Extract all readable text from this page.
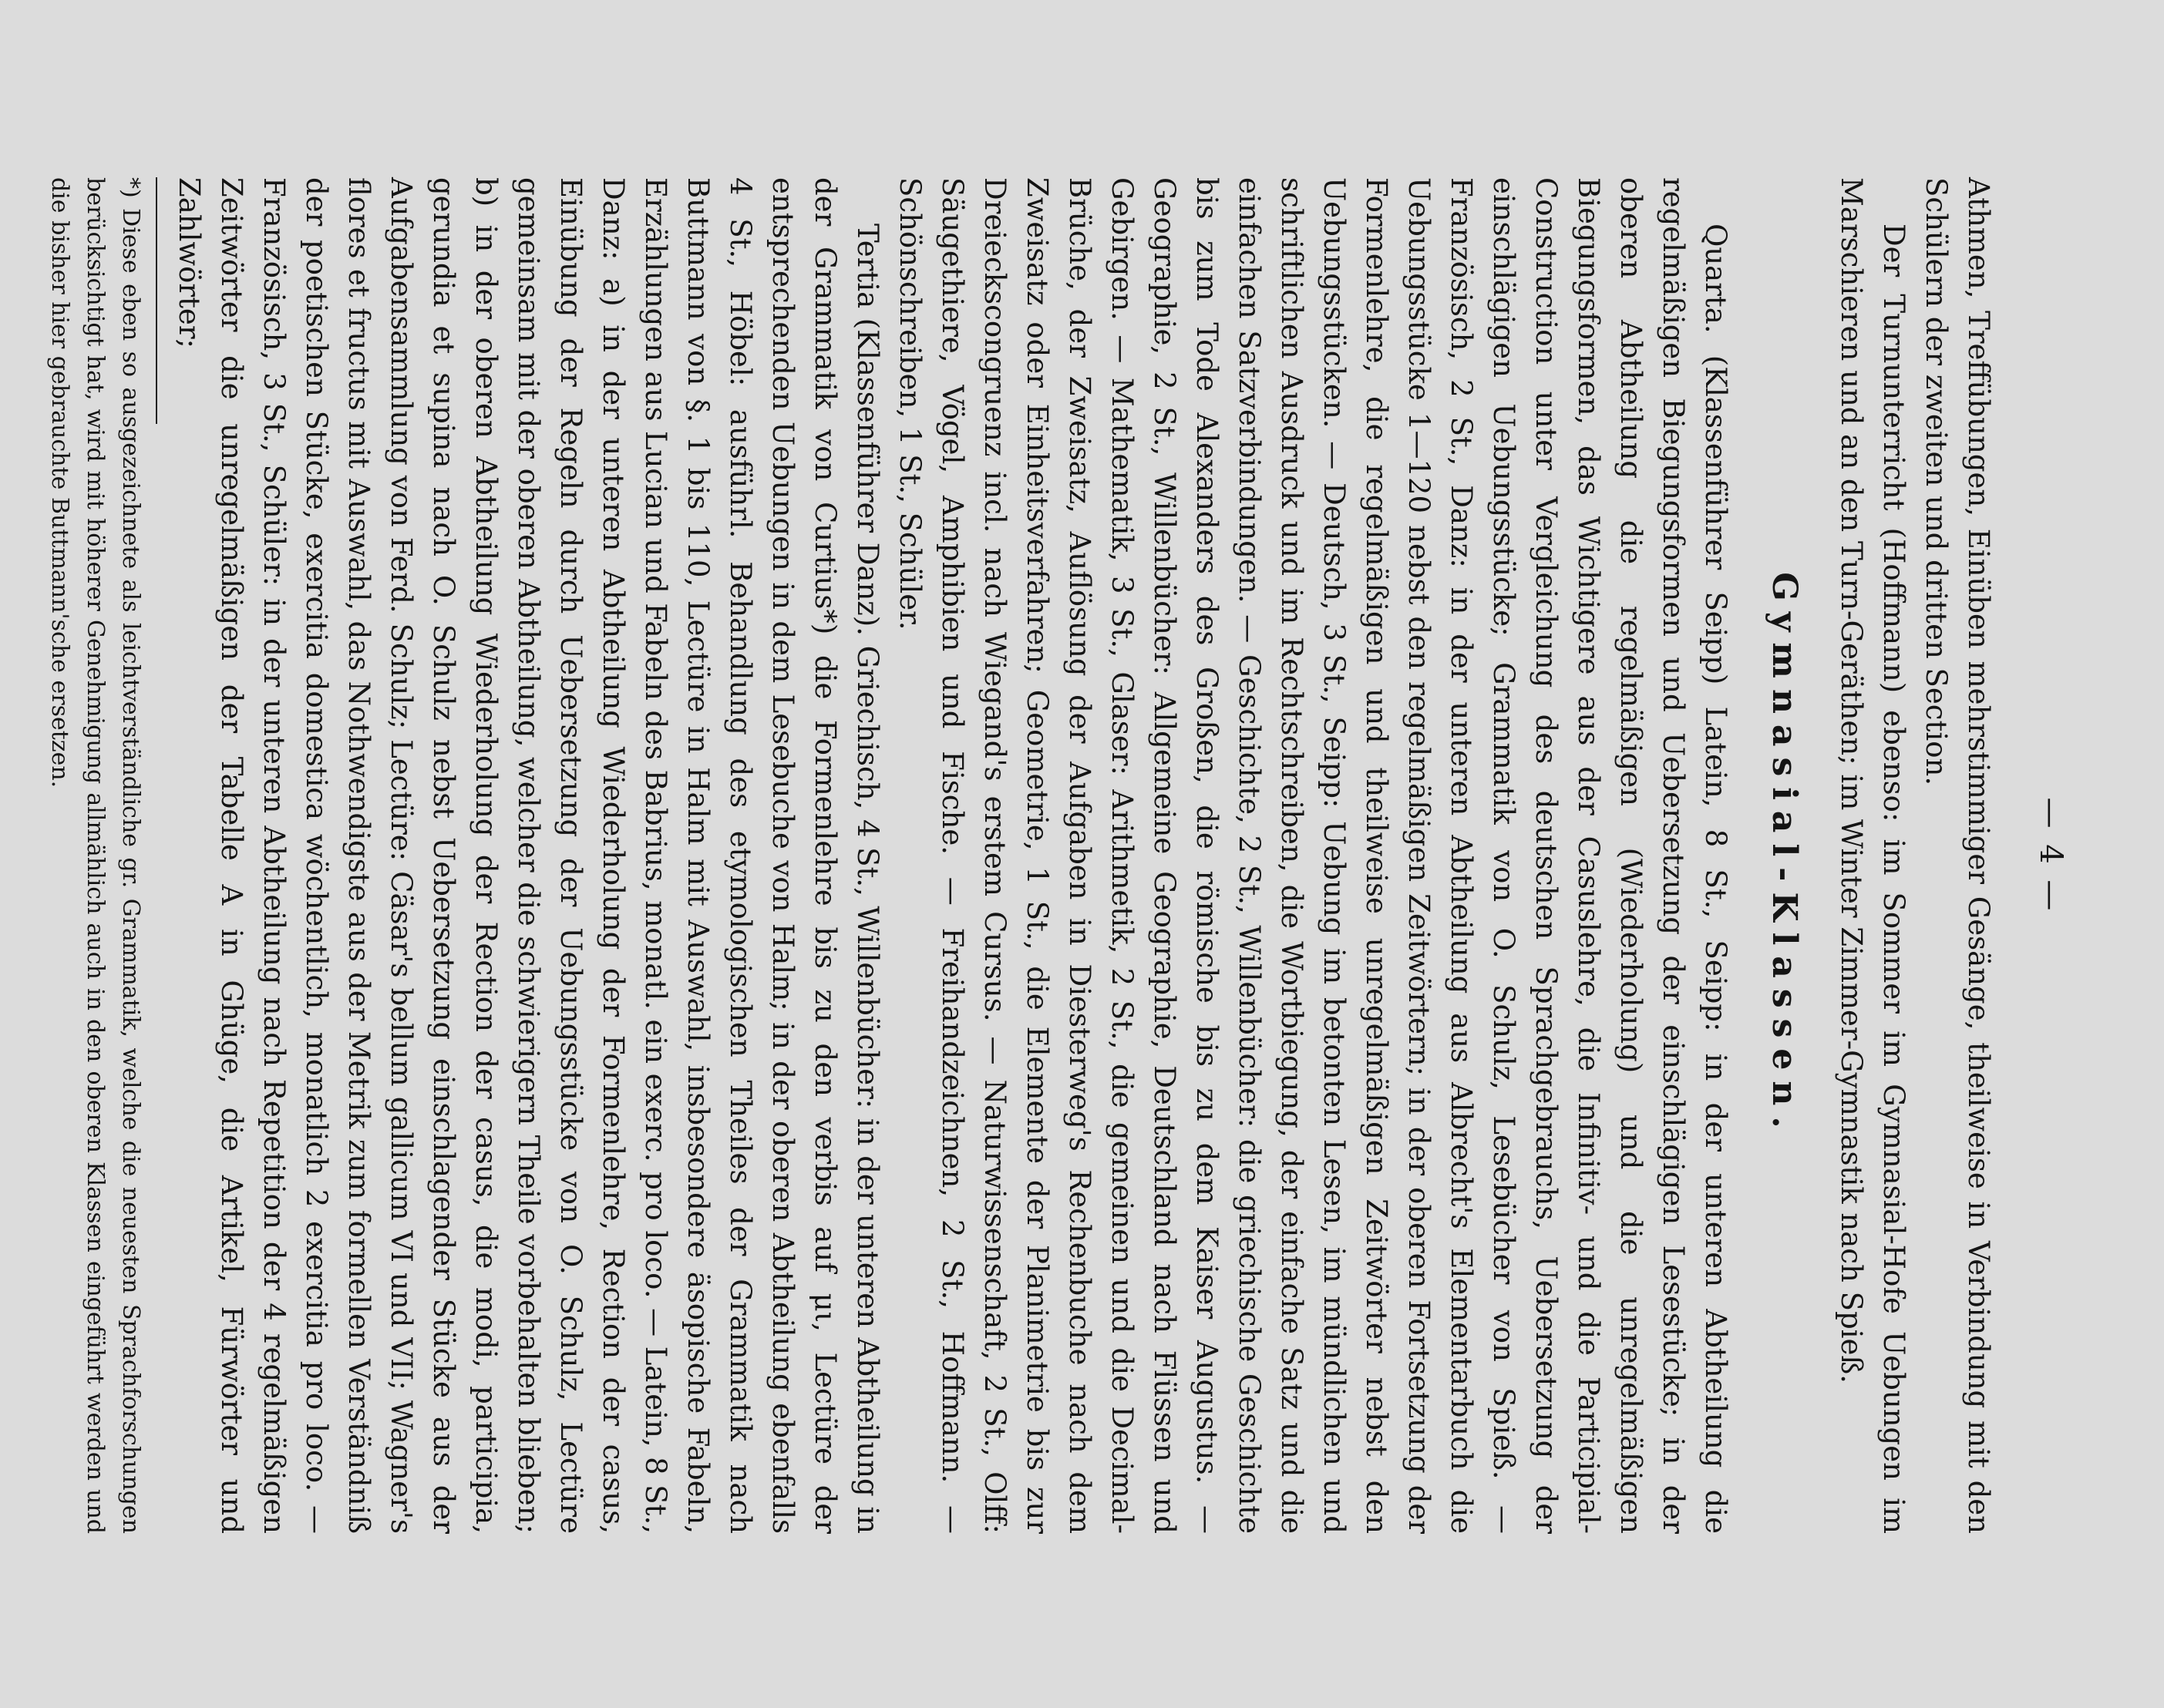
— 4 —

Athmen, Treffübungen, Einüben mehrstimmiger Gesänge, theilweise in Verbindung mit den Schülern der zweiten und dritten Section.

Der Turnunterricht (Hoffmann) ebenso: im Sommer im Gymnasial-Hofe Uebungen im Marschieren und an den Turn-Geräthen; im Winter Zimmer-Gymnastik nach Spieß.

Gymnasial-Klassen.

Quarta. (Klassenführer Seipp) Latein, 8 St., Seipp: in der unteren Abtheilung die regelmäßigen Biegungsformen und Uebersetzung der einschlägigen Lesestücke; in der oberen Abtheilung die regelmäßigen (Wiederholung) und die unregelmäßigen Biegungsformen, das Wichtigere aus der Casuslehre, die Infinitiv- und die Participial-Construction unter Vergleichung des deutschen Sprachgebrauchs, Uebersetzung der einschlägigen Uebungsstücke; Grammatik von O. Schulz, Lesebücher von Spieß. — Französisch, 2 St., Danz: in der unteren Abtheilung aus Albrecht's Elementarbuch die Uebungsstücke 1—120 nebst den regelmäßigen Zeitwörtern; in der oberen Fortsetzung der Formenlehre, die regelmäßigen und theilweise unregelmäßigen Zeitwörter nebst den Uebungsstücken. — Deutsch, 3 St., Seipp: Uebung im betonten Lesen, im mündlichen und schriftlichen Ausdruck und im Rechtschreiben, die Wortbiegung, der einfache Satz und die einfachen Satzverbindungen. — Geschichte, 2 St., Willenbücher: die griechische Geschichte bis zum Tode Alexanders des Großen, die römische bis zu dem Kaiser Augustus. — Geographie, 2 St., Willenbücher: Allgemeine Geographie, Deutschland nach Flüssen und Gebirgen. — Mathematik, 3 St., Glaser: Arithmetik, 2 St., die gemeinen und die Decimal-Brüche, der Zweisatz, Auflösung der Aufgaben in Diesterweg's Rechenbuche nach dem Zweisatz oder Einheitsverfahren; Geometrie, 1 St., die Elemente der Planimetrie bis zur Dreieckscongruenz incl. nach Wiegand's erstem Cursus. — Naturwissenschaft, 2 St., Olff: Säugethiere, Vögel, Amphibien und Fische. — Freihandzeichnen, 2 St., Hoffmann. — Schönschreiben, 1 St., Schüler.

Tertia (Klassenführer Danz). Griechisch, 4 St., Willenbücher: in der unteren Abtheilung in der Grammatik von Curtius*) die Formenlehre bis zu den verbis auf μι, Lectüre der entsprechenden Uebungen in dem Lesebuche von Halm; in der oberen Abtheilung ebenfalls 4 St., Höbel: ausführl. Behandlung des etymologischen Theiles der Grammatik nach Buttmann von §. 1 bis 110, Lectüre in Halm mit Auswahl, insbesondere äsopische Fabeln, Erzählungen aus Lucian und Fabeln des Babrius, monatl. ein exerc. pro loco. — Latein, 8 St., Danz: a) in der unteren Abtheilung Wiederholung der Formenlehre, Rection der casus, Einübung der Regeln durch Uebersetzung der Uebungsstücke von O. Schulz, Lectüre gemeinsam mit der oberen Abtheilung, welcher die schwierigern Theile vorbehalten blieben; b) in der oberen Abtheilung Wiederholung der Rection der casus, die modi, participia, gerundia et supina nach O. Schulz nebst Uebersetzung einschlagender Stücke aus der Aufgabensammlung von Ferd. Schulz; Lectüre: Cäsar's bellum gallicum VI und VII; Wagner's flores et fructus mit Auswahl, das Nothwendigste aus der Metrik zum formellen Verständniß der poetischen Stücke, exercitia domestica wöchentlich, monatlich 2 exercitia pro loco. — Französisch, 3 St., Schüler: in der unteren Abtheilung nach Repetition der 4 regelmäßigen Zeitwörter die unregelmäßigen der Tabelle A in Ghüge, die Artikel, Fürwörter und Zahlwörter;

*) Diese eben so ausgezeichnete als leichtverständliche gr. Grammatik, welche die neuesten Sprachforschungen berücksichtigt hat, wird mit höherer Genehmigung allmählich auch in den oberen Klassen eingeführt werden und die bisher hier gebrauchte Buttmann'sche ersetzen.
